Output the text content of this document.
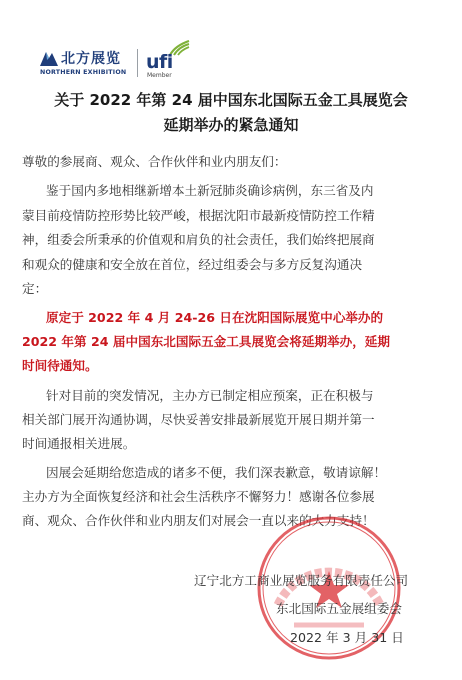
北方展览
NORTHERN EXHIBITION ufi
Member
关于 2022 年第 24 届中国东北国际五金工具展览会
延期举办的紧急通知
尊敬的参展商、观众、合作伙伴和业内朋友们：
鉴于国内多地相继新增本土新冠肺炎确诊病例，东三省及内
蒙目前疫情防控形势比较严峻，根据沈阳市最新疫情防控工作精
神，组委会所秉承的价值观和肩负的社会责任，我们始终把展商
和观众的健康和安全放在首位，经过组委会与多方反复沟通决
定：
原定于 2022 年 4 月 24-26 日在沈阳国际展览中心举办的
2022 年第 24 届中国东北国际五金工具展览会将延期举办，延期
时间待通知。
针对目前的突发情况，主办方已制定相应预案，正在积极与
相关部门展开沟通协调，尽快妥善安排最新展览开展日期并第一
时间通报相关进展。
因展会延期给您造成的诸多不便，我们深表歉意，敬请谅解！
主办方为全面恢复经济和社会生活秩序不懈努力！感谢各位参展
商、观众、合作伙伴和业内朋友们对展会一直以来的大力支持！
辽宁北方工商业展览服务有限责任公司
东北国际五金展组委会
2022 年 3 月 31 日
